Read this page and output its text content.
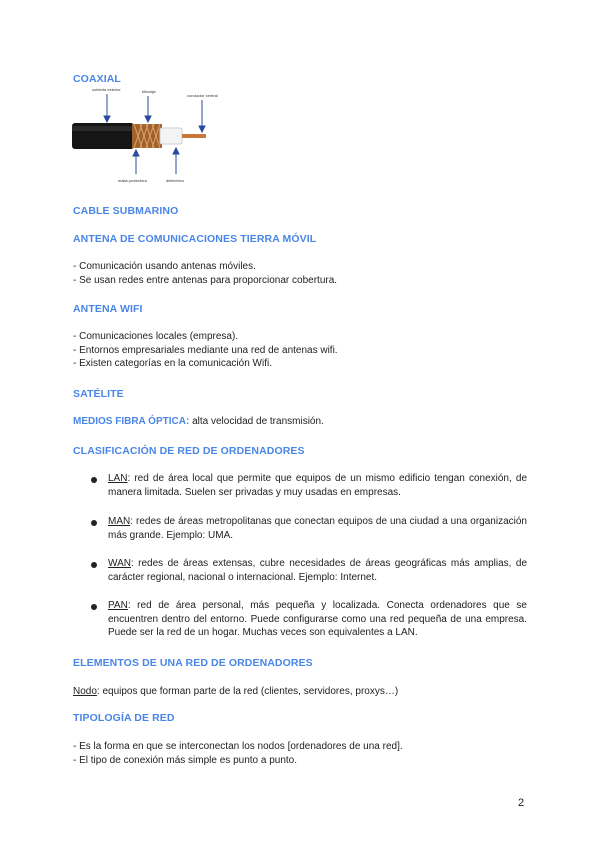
COAXIAL
cubierta exterior	blindaje
conductor central
malla protectora	dieléctrico
CABLE SUBMARINO
ANTENA DE COMUNICACIONES TIERRA MÓVIL

- Comunicación usando antenas móviles.

- Se usan redes entre antenas para proporcionar cobertura.

ANTENA WIFI

- Comunicaciones locales (empresa).

- Entornos empresariales mediante una red de antenas wifi.

- Existen categorías en la comunicación Wifi.

SATÉLITE
MEDIOS FIBRA ÓPTICA: alta velocidad de transmisión.
CLASIFICACIÓN DE RED DE ORDENADORES
LAN: red de área local que permite que equipos de un mismo edificio tengan conexión, de manera limitada. Suelen ser privadas y muy usadas en empresas.
MAN: redes de áreas metropolitanas que conectan equipos de una ciudad a una organización más grande. Ejemplo: UMA.
WAN: redes de áreas extensas, cubre necesidades de áreas geográficas más amplias, de carácter regional, nacional o internacional. Ejemplo: Internet.
PAN: red de área personal, más pequeña y localizada. Conecta ordenadores que se encuentren dentro del entorno. Puede configurarse como una red pequeña de una empresa. Puede ser la red de un hogar. Muchas veces son equivalentes a LAN.
ELEMENTOS DE UNA RED DE ORDENADORES
Nodo: equipos que forman parte de la red (clientes, servidores, proxys…)
TIPOLOGÍA DE RED

- Es la forma en que se interconectan los nodos [ordenadores de una red].

- El tipo de conexión más simple es punto a punto.

2
